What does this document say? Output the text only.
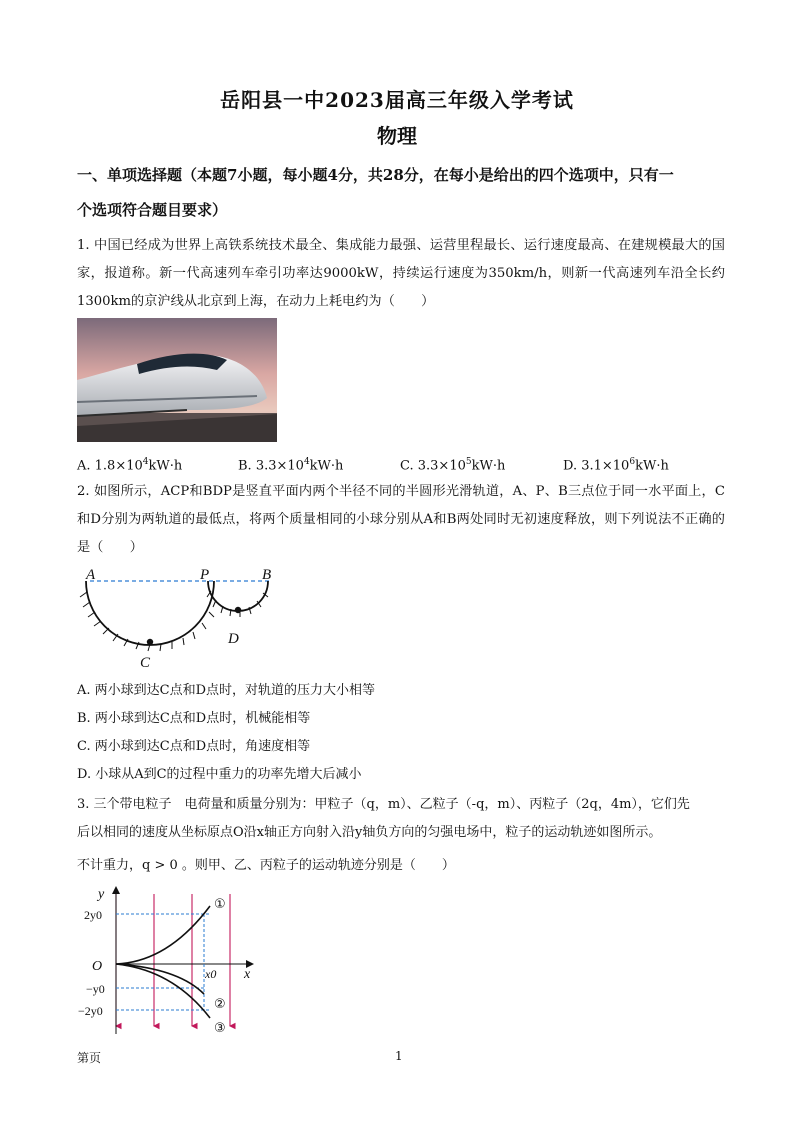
岳阳县一中2023届高三年级入学考试
物理
一、单项选择题（本题7小题，每小题4分，共28分，在每小是给出的四个选项中，只有一
个选项符合题目要求）
1. 中国已经成为世界上高铁系统技术最全、集成能力最强、运营里程最长、运行速度最高、在建规模最大的国家，报道称。新一代高速列车牵引功率达9000kW，持续运行速度为350km/h，则新一代高速列车沿全长约1300km的京沪线从北京到上海，在动力上耗电约为（　　）
A. $1.8\times 10^4kW\cdot h$	B. $3.3\times 10^4kW\cdot h$	C. $3.3\times 10^5kW\cdot h$	D. $3.1\times 10^6kW\cdot h$
2. 如图所示，ACP和BDP是竖直平面内两个半径不同的半圆形光滑轨道，A、P、B三点位于同一水平面上，C和D分别为两轨道的最低点，将两个质量相同的小球分别从A和B两处同时无初速度释放，则下列说法不正确的是（　　）
A	P	B
C
D
A. 两小球到达C点和D点时，对轨道的压力大小相等
B. 两小球到达C点和D点时，机械能相等
C. 两小球到达C点和D点时，角速度相等
D. 小球从A到C的过程中重力的功率先增大后减小
3. 三个带电粒子　电荷量和质量分别为：甲粒子（q，m）、乙粒子（-q，m）、丙粒子（2q，4m），它们先
后以相同的速度从坐标原点O沿x轴正方向射入沿y轴负方向的匀强电场中，粒子的运动轨迹如图所示。
不计重力，q > 0 。则甲、乙、丙粒子的运动轨迹分别是（　　）
y
x
O	x0
2y0
−y0
−2y0
①
②
③
第页	1
